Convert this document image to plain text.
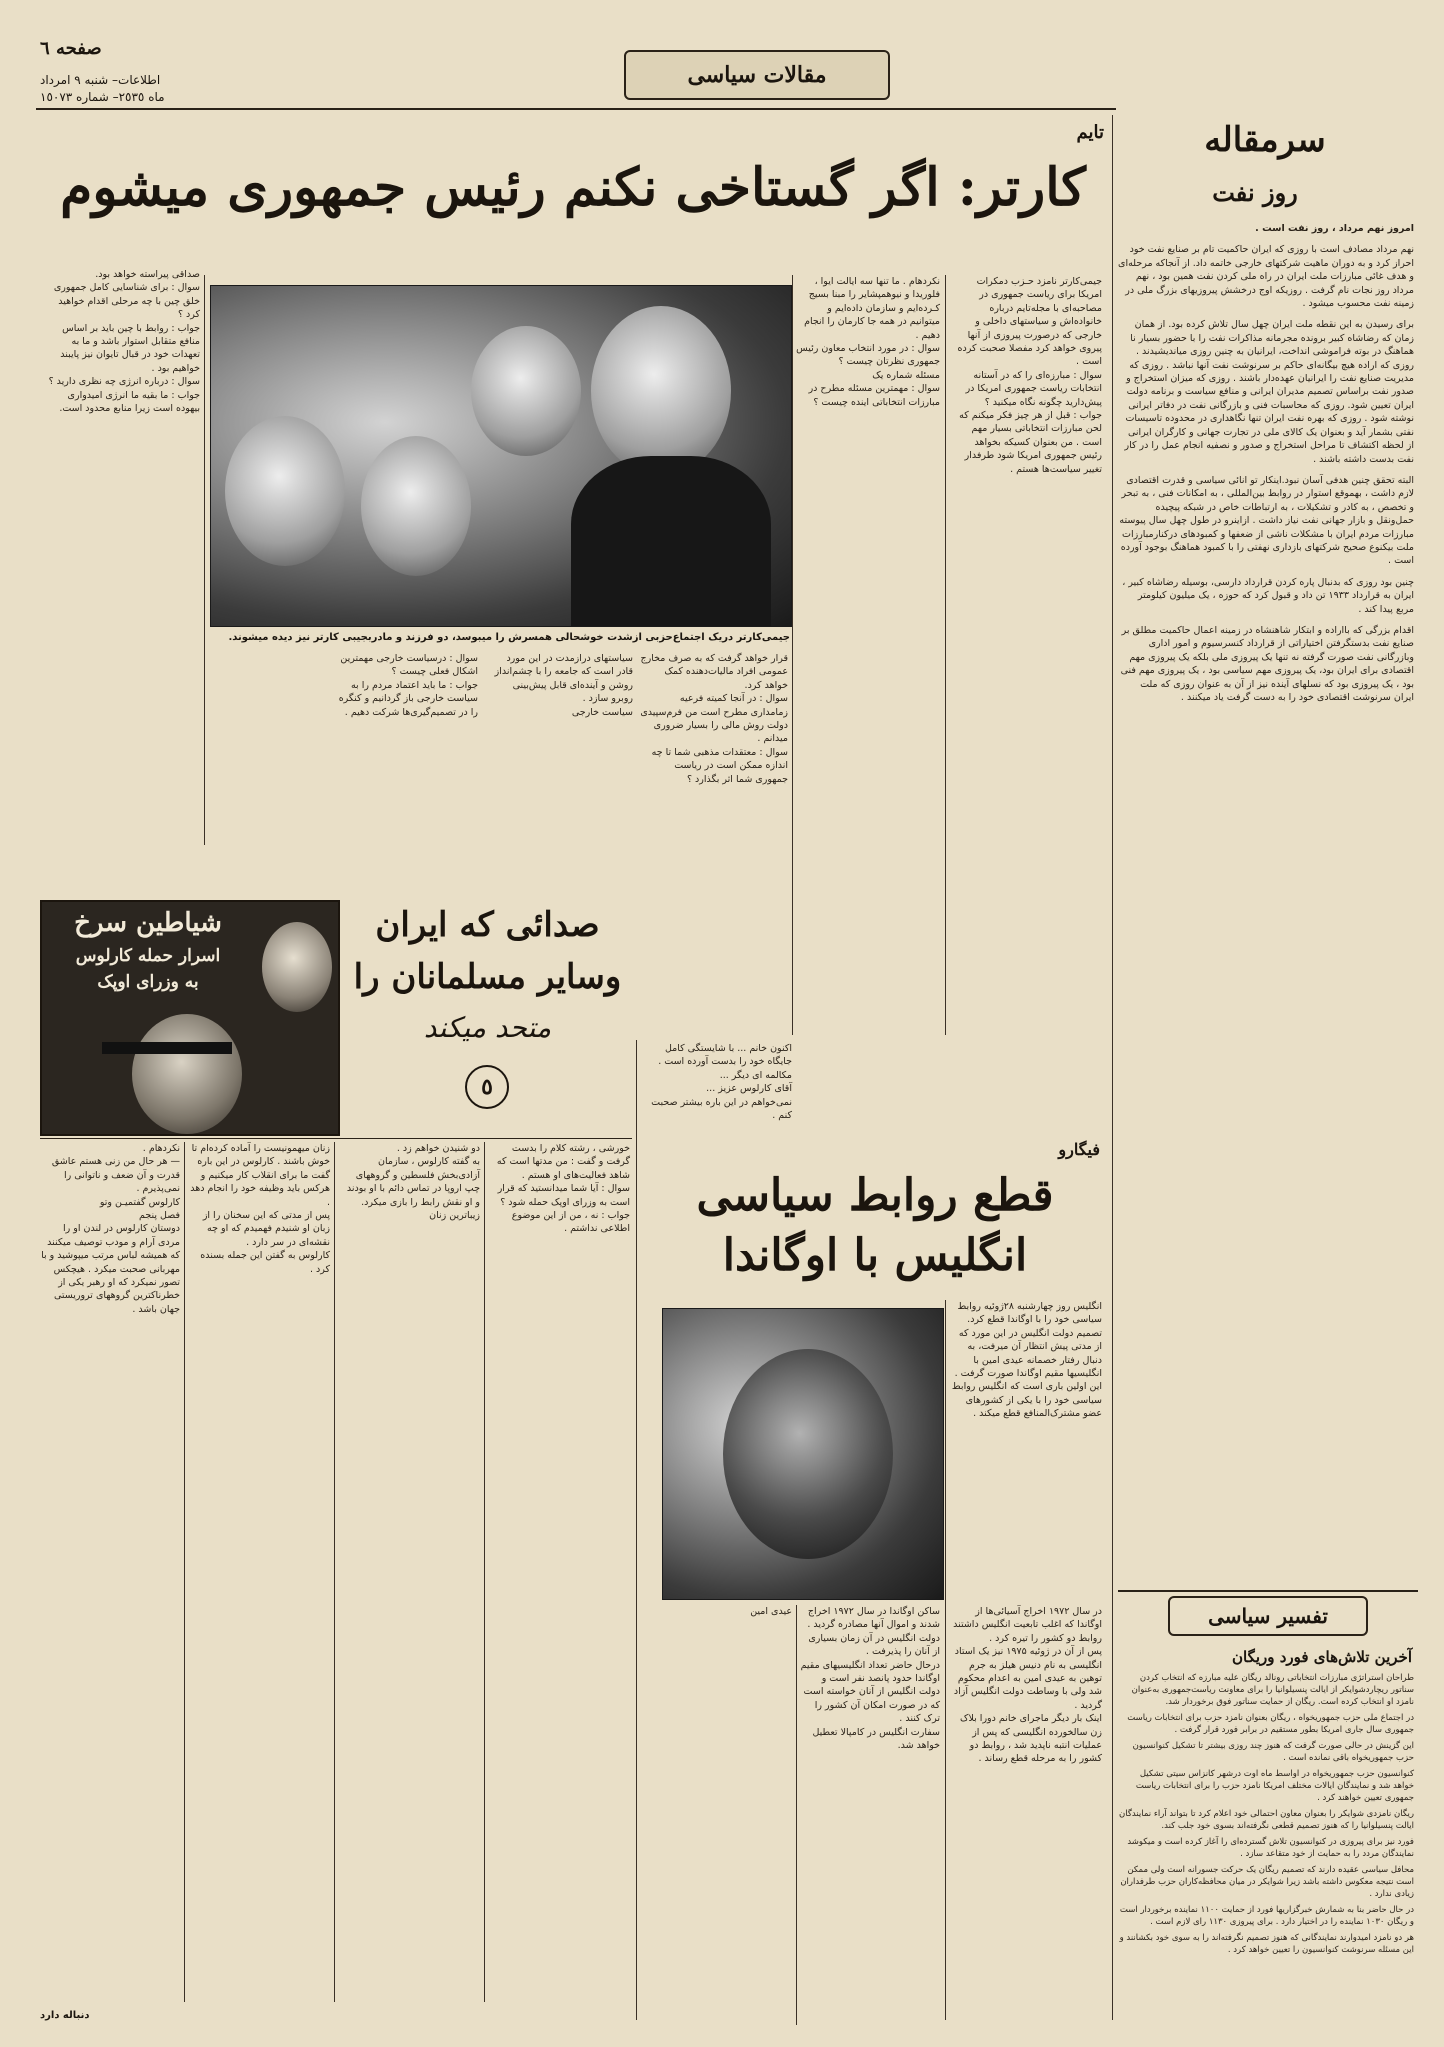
صفحه ٦
اطلاعات– شنبه ٩ امرداد
ماه ٢٥٣٥– شماره ١٥٠٧٣
مقالات سیاسی
سرمقاله
روز نفت

امروز نهم مرداد ، روز نفت است .

نهم مرداد مصادف است با روزی که ایران حاکمیت تام بر صنایع نفت خود احراز کرد و به دوران ماهیت شرکتهای خارجی خاتمه داد. از آنجاکه مرحله‌ای و هدف غائی مبارزات ملت ایران در راه ملی کردن نفت همین بود ، نهم مرداد روز نجات نام گرفت . روزیکه اوج درخشش پیروزیهای بزرگ ملی در زمینه نفت محسوب میشود .

برای رسیدن به این نقطه ملت ایران چهل سال تلاش کرده بود. از همان زمان که رضاشاه کبیر برونده مجرمانه مذاکرات نفت را با حضور بسیار نا هماهنگ در بوته فراموشی انداخت، ایرانیان به چنین روزی میاندیشیدند . روزی که اراده هیچ بیگانه‌ای حاکم بر سرنوشت نفت آنها نباشد . روزی که مدیریت صنایع نفت را ایرانیان عهده‌دار باشند . روزی که میزان استخراج و صدور نفت براساس تصمیم مدیران ایرانی و منافع سیاست و برنامه دولت ایران تعیین شود. روزی که محاسبات فنی و بازرگانی نفت در دفاتر ایرانی نوشته شود . روزی که بهره نفت ایران تنها نگاهداری در محدوده تاسیسات نفتی بشمار آید و بعنوان یک کالای ملی در تجارت جهانی و کارگران ایرانی از لحظه اکتشاف تا مراحل استخراج و صدور و نصفیه انجام عمل را در کار نفت بدست داشته باشند .

البته تحقق چنین هدفی آسان نبود.اینکار تو انائی سیاسی و قدرت اقتصادی لازم داشت ، بهموقع استوار در روابط بین‌المللی ، به امکانات فنی ، به تبحر و تخصص ، به کادر و تشکیلات ، به ارتباطات خاص در شبکه پیچیده حمل‌ونقل و بازار جهانی نفت نیاز داشت . ازاینرو در طول چهل سال پیوسته مبارزات مردم ایران با مشکلات ناشی از ضعفها و کمبودهای درکنارمبارزات ملت بیکنوع صحیح شرکتهای بازداری نهفتی را با کمبود هماهنگ بوجود آورده است .

چنین بود روزی که بدنبال پاره کردن قرارداد دارسی، بوسیله رضاشاه کبیر ، ایران به قرارداد ١٩٣٣ تن داد و قبول کرد که حوزه ، یک میلیون کیلومتر مربع پیدا کند .

اقدام بزرگی که بااراده و ابتکار شاهنشاه در زمینه اعمال حاکمیت مطلق بر صنایع نفت بدستگرفتن اختیاراتی از قرارداد کنسرسیوم و امور اداری وبازرگانی نفت صورت گرفته نه تنها یک پیروزی ملی بلکه یک پیروزی مهم اقتصادی برای ایران بود، یک پیروزی مهم سیاسی بود ، یک پیروزی مهم فنی بود ، یک پیروزی بود که نسلهای آینده نیز از آن به عنوان روزی که ملت ایران سرنوشت اقتصادی خود را به دست گرفت یاد میکنند .

تفسیر سیاسی
آخرین تلاش‌های فورد وریگان

طراحان استراتژی مبارزات انتخاباتی رونالد ریگان علیه مبارزه که انتخاب کردن سناتور ریچاردشوایکر از ایالت پنسیلوانیا را برای معاونت ریاست‌جمهوری به‌عنوان نامزد او انتخاب کرده است. ریگان از حمایت سناتور فوق برخوردار شد.

در اجتماع ملی حزب جمهوریخواه ، ریگان بعنوان نامزد حزب برای انتخابات ریاست جمهوری سال جاری امریکا بطور مستقیم در برابر فورد قرار گرفت .

این گزینش در حالی صورت گرفت که هنوز چند روزی بیشتر تا تشکیل کنوانسیون حزب جمهوریخواه باقی نمانده است .

کنوانسیون حزب جمهوریخواه در اواسط ماه اوت درشهر کانزاس سیتی تشکیل خواهد شد و نمایندگان ایالات مختلف امریکا نامزد حزب را برای انتخابات ریاست جمهوری تعیین خواهند کرد .

ریگان نامزدی شوایکر را بعنوان معاون احتمالی خود اعلام کرد تا بتواند آراء نمایندگان ایالت پنسیلوانیا را که هنوز تصمیم قطعی نگرفته‌اند بسوی خود جلب کند.

فورد نیز برای پیروزی در کنوانسیون تلاش گسترده‌ای را آغاز کرده است و میکوشد نمایندگان مردد را به حمایت از خود متقاعد سازد .

محافل سیاسی عقیده دارند که تصمیم ریگان یک حرکت جسورانه است ولی ممکن است نتیجه معکوس داشته باشد زیرا شوایکر در میان محافظه‌کاران حزب طرفداران زیادی ندارد .

در حال حاضر بنا به شمارش خبرگزاریها فورد از حمایت ١١٠٠ نماینده برخوردار است و ریگان ١٠٣٠ نماینده را در اختیار دارد . برای پیروزی ١١٣٠ رای لازم است .

هر دو نامزد امیدوارند نمایندگانی که هنوز تصمیم نگرفته‌اند را به سوی خود بکشانند و این مسئله سرنوشت کنوانسیون را تعیین خواهد کرد .

تایم
کارتر: اگر گستاخی نکنم رئیس جمهوری میشوم
جیمی‌کارتر دریک اجتماع‌حزبی ازشدت خوشحالی همسرش را میبوسد، دو فرزند و مادربجیبی کارتر نیز دیده میشوند.
جیمی‌کارتر نامزد حـزب دمکرات امریکا برای ریاست جمهوری در مصاحبه‌ای با مجله‌تایم درباره خانواده‌اش و سیاستهای داخلی و خارجی که درصورت پیروزی از آنها پیروی خواهد کرد مفصلا صحبت کرده است .
سوال : مبارزه‌ای را که در آستانه انتخابات ریاست جمهوری امریکا در پیش‌دارید چگونه نگاه میکنید ؟
جواب : قبل از هر چیز فکر میکنم که لحن مبارزات انتخاباتی بسیار مهم است . من بعنوان کسیکه بخواهد رئیس جمهوری امریکا شود طرفدار تغییر سیاست‌ها هستم .
نکردهام . ما تنها سه ایالت ایوا ، فلوریدا و نیوهمپشایر را مبنا بسیج کـرده‌ایم و سازمان داده‌ایم و میتوانیم در همه جا کارمان را انجام دهیم .
سوال : در مورد انتخاب معاون رئیس جمهوری نظرتان چیست ؟
مسئله شماره یک
سوال : مهمترین مسئله مطرح در مبارزات انتخاباتی اینده چیست ؟
قرار خواهد گرفت که به صرف مخارج عمومی افراد مالیات‌دهنده کمک خواهد کرد.
سوال : در آنجا کمیته فرعیه زمامداری مطرح است من فرم‌سپیدی دولت روش مالی را بسیار ضروری میدانم .
سوال : معتقدات مذهبی شما تا چه اندازه ممکن است در ریاست جمهوری شما اثر بگذارد ؟
سیاستهای درازمدت در این مورد قادر است که جامعه را با چشم‌انداز روشن و آینده‌ای قابل پیش‌بینی روبرو سازد .
سیاست خارجی
سوال : درسیاست خارجی مهمترین اشکال فعلی چیست ؟
جواب : ما باید اعتماد مردم را به سیاست خارجی باز گردانیم و کنگره را در تصمیم‌گیری‌ها شرکت دهیم .
صداقی پیراسته خواهد بود.
سوال : برای شناسایی کامل جمهوری خلق چین با چه مرحلی اقدام خواهید کرد ؟
جواب : روابط با چین باید بر اساس منافع متقابل استوار باشد و ما به تعهدات خود در قبال تایوان نیز پایبند خواهیم بود .
سوال : درباره انرژی چه نظری دارید ؟
جواب : ما بقیه ما انرژی امیدواری بیهوده است زیرا منابع محدود است.
شیاطین سرخ
اسرار حمله کارلوس
به وزرای اوپک
صدائی که ایران
وسایر مسلمانان را
متحد میکند
٥
نکردهام .
— هر حال من زنی هستم عاشق قدرت و آن ضعف و ناتوانی را نمی‌پذیرم .
کارلوس گفتمیـن وتو
فصل پنجم
دوستان کارلوس در لندن او را مردی آرام و مودب توصیف میکنند که همیشه لباس مرتب میپوشید و با مهربانی صحبت میکرد . هیچکس تصور نمیکرد که او رهبر یکی از خطرناکترین گروههای تروریستی جهان باشد .
زنان میهمونیست را آماده کرده‌ام تا خوش باشند . کارلوس در این باره گفت ما برای انقلاب کار میکنیم و هرکس باید وظیفه خود را انجام دهد .
پس از مدتی که این سخنان را از زبان او شنیدم فهمیدم که او چه نقشه‌ای در سر دارد .
کارلوس به گفتن این جمله بسنده کرد .
دو شنیدن خواهم زد .
به گفته کارلوس ، سازمان آزادی‌بخش فلسطین و گروههای چپ اروپا در تماس دائم با او بودند و او نقش رابط را بازی میکرد.
زیباترین زنان
خورشی ، رشته کلام را بدست گرفت و گفت : من مدتها است که شاهد فعالیت‌های او هستم .
سوال : آیا شما میدانستید که قرار است به وزرای اوپک حمله شود ؟
جواب : نه ، من از این موضوع اطلاعی نداشتم .
اکنون خانم ... با شایستگی کامل جایگاه خود را بدست آورده است .
مکالمه ای دیگر ...
آقای کارلوس عزیز ...
نمی‌خواهم در این باره بیشتر صحبت کنم .
دنباله دارد
فیگارو
قطع روابط سیاسی
انگلیس با اوگاندا
انگلیس روز چهارشنبه ۲۸ژوئیه روابط سیاسی خود را با اوگاندا قطع کرد. تصمیم دولت انگلیس در این مورد که از مدتی پیش انتظار آن میرفت، به دنبال رفتار خصمانه عیدی امین با انگلیسیها مقیم اوگاندا صورت گرفت . این اولین باری است که انگلیس روابط سیاسی خود را با یکی از کشورهای عضو مشترک‌المنافع قطع میکند .
در سال ۱۹۷۲ اخراج آسیائی‌ها از اوگاندا که اغلب تابعیت انگلیس داشتند روابط دو کشور را تیره کرد .
پس از آن در ژوئیه ۱۹۷۵ نیز یک استاد انگلیسی به نام دنیس هیلز به جرم توهین به عیدی امین به اعدام محکوم شد ولی با وساطت دولت انگلیس آزاد گردید .
اینک بار دیگر ماجرای خانم دورا بلاک زن سالخورده انگلیسی که پس از عملیات انتبه ناپدید شد ، روابط دو کشور را به مرحله قطع رساند .
ساکن اوگاندا در سال ۱۹۷۲ اخراج شدند و اموال آنها مصادره گردید .
دولت انگلیس در آن زمان بسیاری از آنان را پذیرفت .
درحال حاضر تعداد انگلیسیهای مقیم اوگاندا حدود پانصد نفر است و دولت انگلیس از آنان خواسته است که در صورت امکان آن کشور را ترک کنند .
سفارت انگلیس در کامپالا تعطیل خواهد شد.
عیدی امین
